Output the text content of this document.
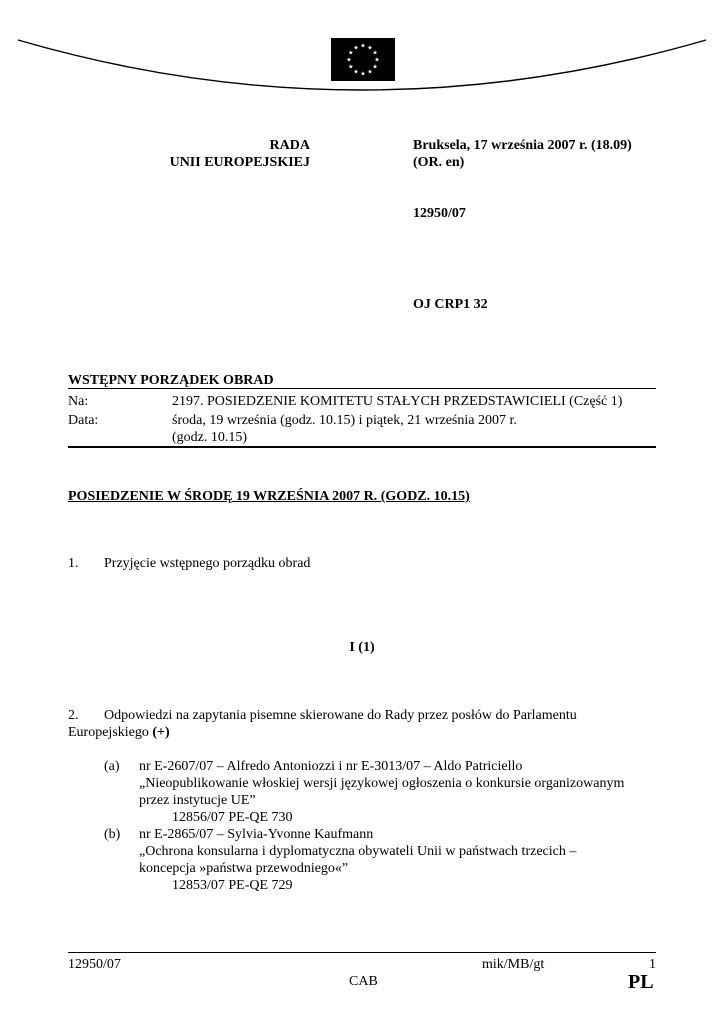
★ ★
★
★
★
★
★
★
★
★
★
★
RADA
UNII EUROPEJSKIEJ
Bruksela, 17 września 2007 r. (18.09)
(OR. en)
12950/07
OJ CRP1 32
WSTĘPNY PORZĄDEK OBRAD
Na:	2197. POSIEDZENIE KOMITETU STAŁYCH PRZEDSTAWICIELI (Część 1)
Data:	środa, 19 września (godz. 10.15) i piątek, 21 września 2007 r.
(godz. 10.15)
POSIEDZENIE W ŚRODĘ 19 WRZEŚNIA 2007 R. (GODZ. 10.15)
1. Przyjęcie wstępnego porządku obrad
I (1)
2. Odpowiedzi na zapytania pisemne skierowane do Rady przez posłów do Parlamentu
Europejskiego (+)
(a) nr E-2607/07 – Alfredo Antoniozzi i nr E-3013/07 – Aldo Patriciello
„Nieopublikowanie włoskiej wersji językowej ogłoszenia o konkursie organizowanym
przez instytucje UE”
12856/07 PE-QE 730
(b) nr E-2865/07 – Sylvia-Yvonne Kaufmann
„Ochrona konsularna i dyplomatyczna obywateli Unii w państwach trzecich –
koncepcja »państwa przewodniego«”
12853/07 PE-QE 729
12950/07	mik/MB/gt	1
CAB	PL
